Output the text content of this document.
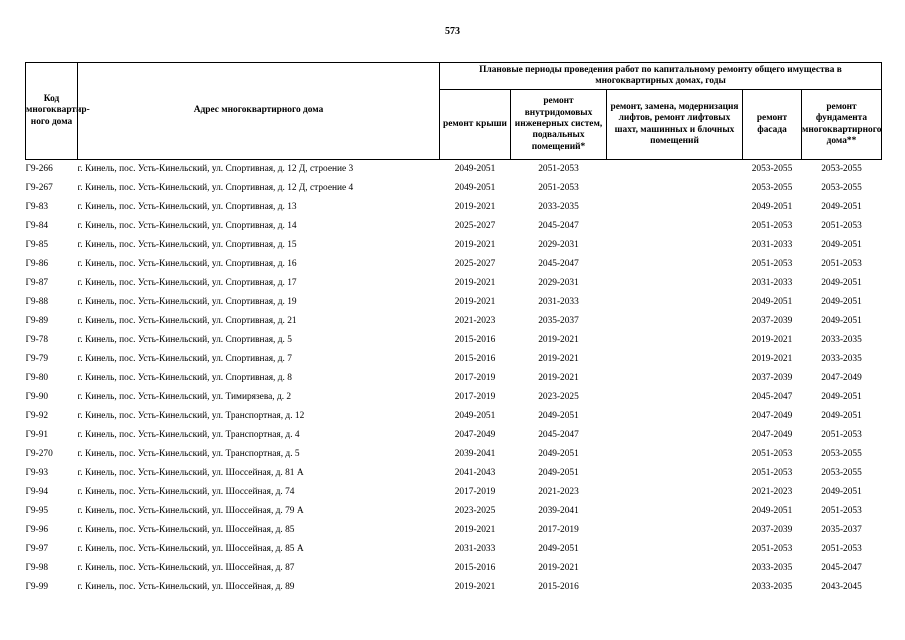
573
Код многоквартир-ного дома	Адрес многоквартирного дома	Плановые периоды проведения работ по капитальному ремонту общего имущества в многоквартирных домах, годы				
		ремонт крыши	ремонт внутридомовых инженерных систем, подвальных помещений*	ремонт, замена, модернизация лифтов, ремонт лифтовых шахт, машинных и блочных помещений	ремонт фасада	ремонт фундамента многоквартирного дома**
Г9-266	г. Кинель, пос. Усть-Кинельский, ул. Спортивная, д. 12 Д, строение 3	2049-2051	2051-2053		2053-2055	2053-2055
Г9-267	г. Кинель, пос. Усть-Кинельский, ул. Спортивная, д. 12 Д, строение 4	2049-2051	2051-2053		2053-2055	2053-2055
Г9-83	г. Кинель, пос. Усть-Кинельский, ул. Спортивная, д. 13	2019-2021	2033-2035		2049-2051	2049-2051
Г9-84	г. Кинель, пос. Усть-Кинельский, ул. Спортивная, д. 14	2025-2027	2045-2047		2051-2053	2051-2053
Г9-85	г. Кинель, пос. Усть-Кинельский, ул. Спортивная, д. 15	2019-2021	2029-2031		2031-2033	2049-2051
Г9-86	г. Кинель, пос. Усть-Кинельский, ул. Спортивная, д. 16	2025-2027	2045-2047		2051-2053	2051-2053
Г9-87	г. Кинель, пос. Усть-Кинельский, ул. Спортивная, д. 17	2019-2021	2029-2031		2031-2033	2049-2051
Г9-88	г. Кинель, пос. Усть-Кинельский, ул. Спортивная, д. 19	2019-2021	2031-2033		2049-2051	2049-2051
Г9-89	г. Кинель, пос. Усть-Кинельский, ул. Спортивная, д. 21	2021-2023	2035-2037		2037-2039	2049-2051
Г9-78	г. Кинель, пос. Усть-Кинельский, ул. Спортивная, д. 5	2015-2016	2019-2021		2019-2021	2033-2035
Г9-79	г. Кинель, пос. Усть-Кинельский, ул. Спортивная, д. 7	2015-2016	2019-2021		2019-2021	2033-2035
Г9-80	г. Кинель, пос. Усть-Кинельский, ул. Спортивная, д. 8	2017-2019	2019-2021		2037-2039	2047-2049
Г9-90	г. Кинель, пос. Усть-Кинельский, ул. Тимирязева, д. 2	2017-2019	2023-2025		2045-2047	2049-2051
Г9-92	г. Кинель, пос. Усть-Кинельский, ул. Транспортная, д. 12	2049-2051	2049-2051		2047-2049	2049-2051
Г9-91	г. Кинель, пос. Усть-Кинельский, ул. Транспортная, д. 4	2047-2049	2045-2047		2047-2049	2051-2053
Г9-270	г. Кинель, пос. Усть-Кинельский, ул. Транспортная, д. 5	2039-2041	2049-2051		2051-2053	2053-2055
Г9-93	г. Кинель, пос. Усть-Кинельский, ул. Шоссейная, д. 81 А	2041-2043	2049-2051		2051-2053	2053-2055
Г9-94	г. Кинель, пос. Усть-Кинельский, ул. Шоссейная, д. 74	2017-2019	2021-2023		2021-2023	2049-2051
Г9-95	г. Кинель, пос. Усть-Кинельский, ул. Шоссейная, д. 79 А	2023-2025	2039-2041		2049-2051	2051-2053
Г9-96	г. Кинель, пос. Усть-Кинельский, ул. Шоссейная, д. 85	2019-2021	2017-2019		2037-2039	2035-2037
Г9-97	г. Кинель, пос. Усть-Кинельский, ул. Шоссейная, д. 85 А	2031-2033	2049-2051		2051-2053	2051-2053
Г9-98	г. Кинель, пос. Усть-Кинельский, ул. Шоссейная, д. 87	2015-2016	2019-2021		2033-2035	2045-2047
Г9-99	г. Кинель, пос. Усть-Кинельский, ул. Шоссейная, д. 89	2019-2021	2015-2016		2033-2035	2043-2045
